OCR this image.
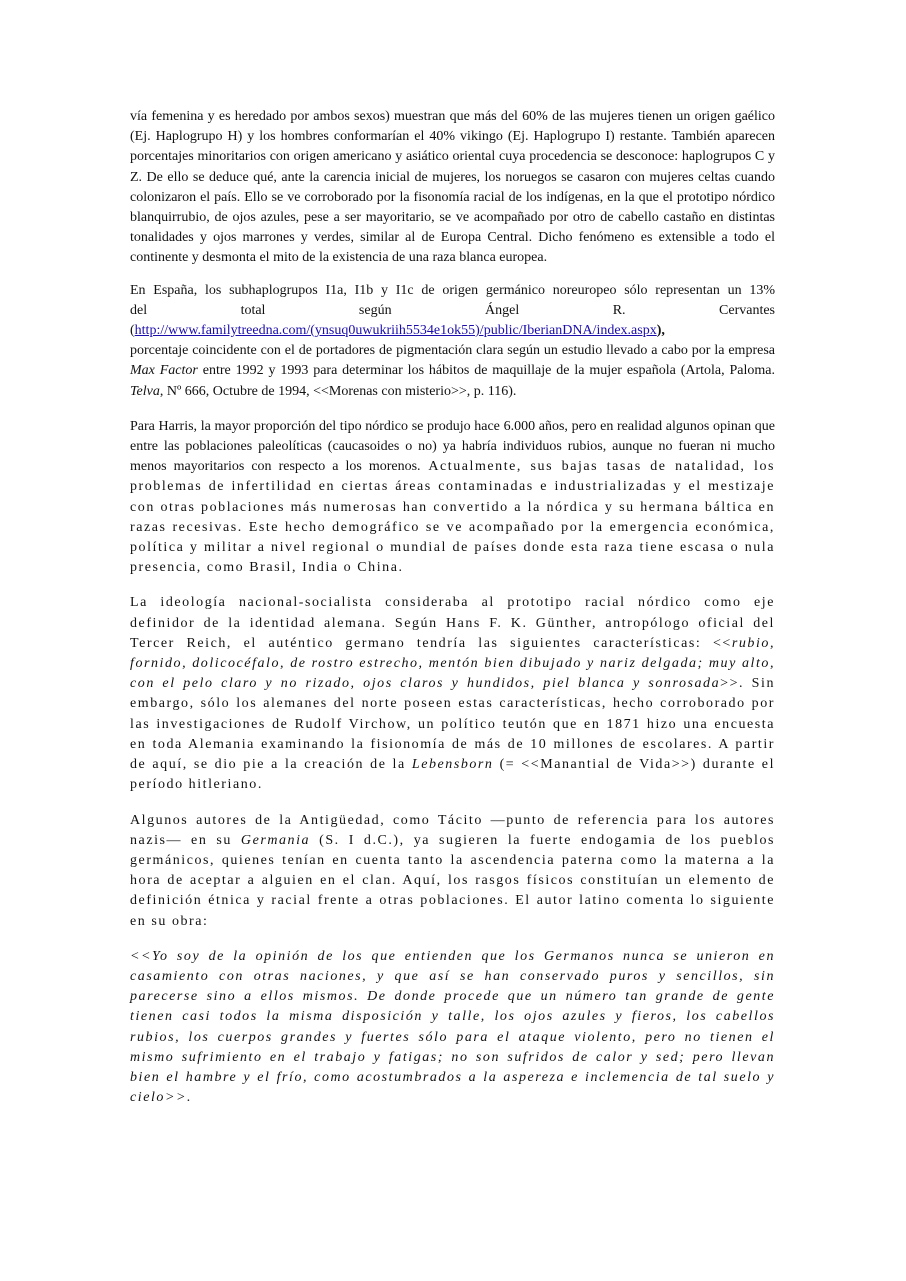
vía femenina y es heredado por ambos sexos) muestran que más del 60% de las mujeres tienen un origen gaélico (Ej. Haplogrupo H) y los hombres conformarían el 40% vikingo (Ej. Haplogrupo I) restante. También aparecen porcentajes minoritarios con origen americano y asiático oriental cuya procedencia se desconoce: haplogrupos C y Z. De ello se deduce qué, ante la carencia inicial de mujeres, los noruegos se casaron con mujeres celtas cuando colonizaron el país. Ello se ve corroborado por la fisonomía racial de los indígenas, en la que el prototipo nórdico blanquirrubio, de ojos azules, pese a ser mayoritario, se ve acompañado por otro de cabello castaño en distintas tonalidades y ojos marrones y verdes, similar al de Europa Central. Dicho fenómeno es extensible a todo el continente y desmonta el mito de la existencia de una raza blanca europea.

En España, los subhaplogrupos I1a, I1b y I1c de origen germánico noreuropeo sólo representan un 13%
del total según Ángel R. Cervantes
(http://www.familytreedna.com/(ynsuq0uwukriih5534e1ok55)/public/IberianDNA/index.aspx),
porcentaje coincidente con el de portadores de pigmentación clara según un estudio llevado a cabo por la empresa Max Factor entre 1992 y 1993 para determinar los hábitos de maquillaje de la mujer española (Artola, Paloma. Telva, Nº 666, Octubre de 1994, <<Morenas con misterio>>, p. 116).

Para Harris, la mayor proporción del tipo nórdico se produjo hace 6.000 años, pero en realidad algunos opinan que entre las poblaciones paleolíticas (caucasoides o no) ya habría individuos rubios, aunque no fueran ni mucho menos mayoritarios con respecto a los morenos. Actualmente, sus bajas tasas de natalidad, los problemas de infertilidad en ciertas áreas contaminadas e industrializadas y el mestizaje con otras poblaciones más numerosas han convertido a la nórdica y su hermana báltica en razas recesivas. Este hecho demográfico se ve acompañado por la emergencia económica, política y militar a nivel regional o mundial de países donde esta raza tiene escasa o nula presencia, como Brasil, India o China.

La ideología nacional-socialista consideraba al prototipo racial nórdico como eje definidor de la identidad alemana. Según Hans F. K. Günther, antropólogo oficial del Tercer Reich, el auténtico germano tendría las siguientes características: <<rubio, fornido, dolicocéfalo, de rostro estrecho, mentón bien dibujado y nariz delgada; muy alto, con el pelo claro y no rizado, ojos claros y hundidos, piel blanca y sonrosada>>. Sin embargo, sólo los alemanes del norte poseen estas características, hecho corroborado por las investigaciones de Rudolf Virchow, un político teutón que en 1871 hizo una encuesta en toda Alemania examinando la fisionomía de más de 10 millones de escolares. A partir de aquí, se dio pie a la creación de la Lebensborn (= <<Manantial de Vida>>) durante el período hitleriano.

Algunos autores de la Antigüedad, como Tácito —punto de referencia para los autores nazis— en su Germania (S. I d.C.), ya sugieren la fuerte endogamia de los pueblos germánicos, quienes tenían en cuenta tanto la ascendencia paterna como la materna a la hora de aceptar a alguien en el clan. Aquí, los rasgos físicos constituían un elemento de definición étnica y racial frente a otras poblaciones. El autor latino comenta lo siguiente en su obra:

<<Yo soy de la opinión de los que entienden que los Germanos nunca se unieron en casamiento con otras naciones, y que así se han conservado puros y sencillos, sin parecerse sino a ellos mismos. De donde procede que un número tan grande de gente tienen casi todos la misma disposición y talle, los ojos azules y fieros, los cabellos rubios, los cuerpos grandes y fuertes sólo para el ataque violento, pero no tienen el mismo sufrimiento en el trabajo y fatigas; no son sufridos de calor y sed; pero llevan bien el hambre y el frío, como acostumbrados a la aspereza e inclemencia de tal suelo y cielo>>.
